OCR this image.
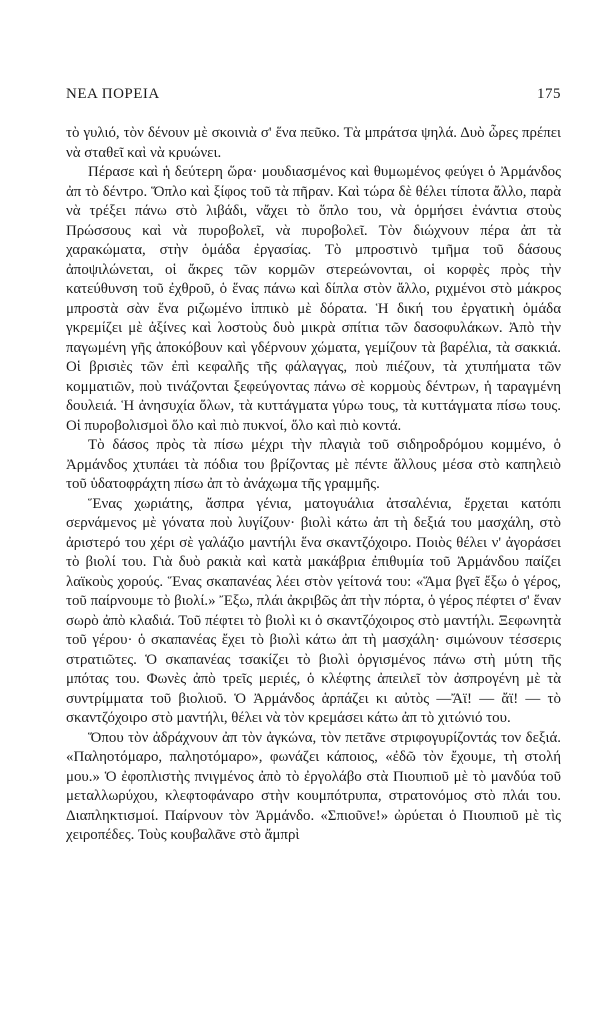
ΝΕΑ ΠΟΡΕΙΑ	175

τὸ γυλιό, τὸν δένουν μὲ σκοινιὰ σ' ἕνα πεῦκο. Τὰ μπράτσα ψηλά. Δυὸ ὧρες πρέπει νὰ σταθεῖ καὶ νὰ κρυώνει.

Πέρασε καὶ ἡ δεύτερη ὥρα· μουδιασμένος καὶ θυμωμένος φεύγει ὁ Ἀρμάνδος ἀπ τὸ δέντρο. Ὅπλο καὶ ξίφος τοῦ τὰ πῆραν. Καὶ τώρα δὲ θέλει τίποτα ἄλλο, παρὰ νὰ τρέξει πάνω στὸ λιβάδι, νἄχει τὸ ὅπλο του, νὰ ὁρμήσει ἐνάντια στοὺς Πρώσσους καὶ νὰ πυροβολεῖ, νὰ πυροβολεῖ. Τὸν διώχνουν πέρα ἀπ τὰ χαρακώματα, στὴν ὁμάδα ἐργασίας. Τὸ μπροστινὸ τμῆμα τοῦ δάσους ἀποψιλώνεται, οἱ ἄκρες τῶν κορμῶν στερεώνονται, οἱ κορφὲς πρὸς τὴν κατεύθυνση τοῦ ἐχθροῦ, ὁ ἕνας πάνω καὶ δίπλα στὸν ἄλλο, ριχμένοι στὸ μάκρος μπροστὰ σὰν ἕνα ριζωμένο ἱππικὸ μὲ δόρατα. Ἡ δική του ἐργατικὴ ὁμάδα γκρεμίζει μὲ ἀξίνες καὶ λοστοὺς δυὸ μικρὰ σπίτια τῶν δασοφυλάκων. Ἀπὸ τὴν παγωμένη γῆς ἀποκόβουν καὶ γδέρνουν χώματα, γεμίζουν τὰ βαρέλια, τὰ σακκιά. Οἱ βρισιὲς τῶν ἐπὶ κεφαλῆς τῆς φάλαγγας, ποὺ πιέζουν, τὰ χτυπήματα τῶν κομματιῶν, ποὺ τινάζονται ξεφεύγοντας πάνω σὲ κορμοὺς δέντρων, ἡ ταραγμένη δουλειά. Ἡ ἀνησυχία ὅλων, τὰ κυττάγματα γύρω τους, τὰ κυττάγματα πίσω τους. Οἱ πυροβολισμοὶ ὅλο καὶ πιὸ πυκνοί, ὅλο καὶ πιὸ κοντά.

Τὸ δάσος πρὸς τὰ πίσω μέχρι τὴν πλαγιὰ τοῦ σιδηροδρόμου κομμένο, ὁ Ἀρμάνδος χτυπάει τὰ πόδια του βρίζοντας μὲ πέντε ἄλλους μέσα στὸ καπηλειὸ τοῦ ὑδατοφράχτη πίσω ἀπ τὸ ἀνάχωμα τῆς γραμμῆς.

Ἕνας χωριάτης, ἄσπρα γένια, ματογυάλια ἀτσαλένια, ἔρχεται κατόπι σερνάμενος μὲ γόνατα ποὺ λυγίζουν· βιολὶ κάτω ἀπ τὴ δεξιά του μασχάλη, στὸ ἀριστερό του χέρι σὲ γαλάζιο μαντήλι ἕνα σκαντζόχοιρο. Ποιὸς θέλει ν' ἀγοράσει τὸ βιολί του. Γιὰ δυὸ ρακιὰ καὶ κατὰ μακάβρια ἐπιθυμία τοῦ Ἀρμάνδου παίζει λαϊκοὺς χορούς. Ἕνας σκαπανέας λέει στὸν γείτονά του: «Ἅμα βγεῖ ἔξω ὁ γέρος, τοῦ παίρνουμε τὸ βιολί.» Ἔξω, πλάι ἀκριβῶς ἀπ τὴν πόρτα, ὁ γέρος πέφτει σ' ἕναν σωρὸ ἀπὸ κλαδιά. Τοῦ πέφτει τὸ βιολὶ κι ὁ σκαντζόχοιρος στὸ μαντήλι. Ξεφωνητὰ τοῦ γέρου· ὁ σκαπανέας ἔχει τὸ βιολὶ κάτω ἀπ τὴ μασχάλη· σιμώνουν τέσσερις στρατιῶτες. Ὁ σκαπανέας τσακίζει τὸ βιολὶ ὀργισμένος πάνω στὴ μύτη τῆς μπότας του. Φωνὲς ἀπὸ τρεῖς μεριές, ὁ κλέφτης ἀπειλεῖ τὸν ἀσπρογένη μὲ τὰ συντρίμματα τοῦ βιολιοῦ. Ὁ Ἀρμάνδος ἁρπάζει κι αὐτὸς —Ἄϊ! — ἄϊ! — τὸ σκαντζόχοιρο στὸ μαντήλι, θέλει νὰ τὸν κρεμάσει κάτω ἀπ τὸ χιτώνιό του.

Ὅπου τὸν ἀδράχνουν ἀπ τὸν ἀγκώνα, τὸν πετᾶνε στριφογυρίζοντάς τον δεξιά. «Παληοτόμαρο, παληοτόμαρο», φωνάζει κάποιος, «ἐδῶ τὸν ἔχουμε, τὴ στολή μου.» Ὁ ἐφοπλιστὴς πνιγμένος ἀπὸ τὸ ἐργολάβο στὰ Πιουπιοῦ μὲ τὸ μανδύα τοῦ μεταλλωρύχου, κλεφτοφάναρο στὴν κουμπότρυπα, στρατονόμος στὸ πλάι του. Διαπληκτισμοί. Παίρνουν τὸν Ἀρμάνδο. «Σπιοῦνε!» ὠρύεται ὁ Πιουπιοῦ μὲ τὶς χειροπέδες. Τοὺς κουβαλᾶνε στὸ ἄμπρὶ
